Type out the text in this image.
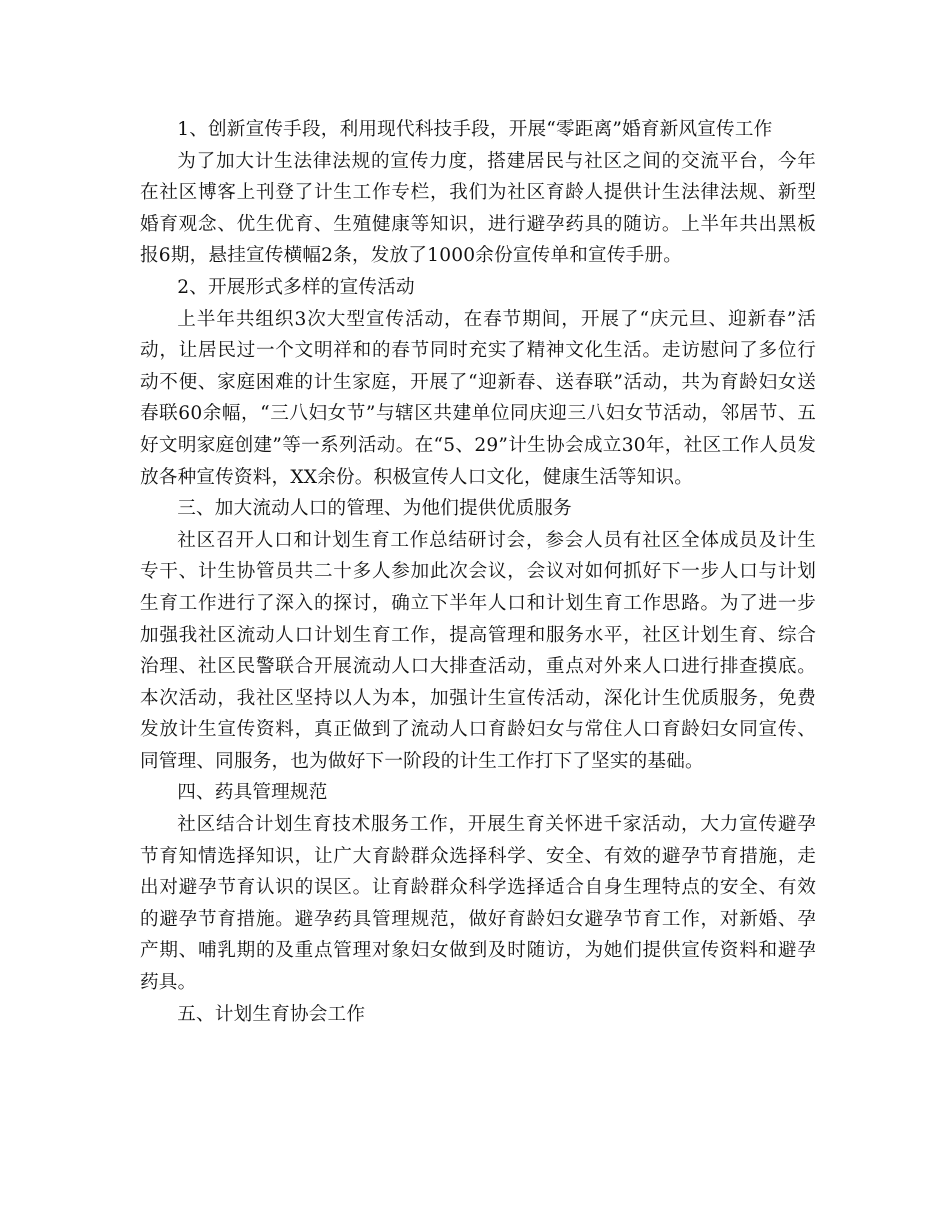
1、创新宣传手段，利用现代科技手段，开展“零距离”婚育新风宣传工作

为了加大计生法律法规的宣传力度，搭建居民与社区之间的交流平台，今年在社区博客上刊登了计生工作专栏，我们为社区育龄人提供计生法律法规、新型婚育观念、优生优育、生殖健康等知识，进行避孕药具的随访。上半年共出黑板报6期，悬挂宣传横幅2条，发放了1000余份宣传单和宣传手册。

2、开展形式多样的宣传活动

上半年共组织3次大型宣传活动，在春节期间，开展了“庆元旦、迎新春”活动，让居民过一个文明祥和的春节同时充实了精神文化生活。走访慰问了多位行动不便、家庭困难的计生家庭，开展了“迎新春、送春联”活动，共为育龄妇女送春联60余幅，“三八妇女节”与辖区共建单位同庆迎三八妇女节活动，邻居节、五好文明家庭创建”等一系列活动。在“5、29”计生协会成立30年，社区工作人员发放各种宣传资料，XX余份。积极宣传人口文化，健康生活等知识。

三、加大流动人口的管理、为他们提供优质服务

社区召开人口和计划生育工作总结研讨会，参会人员有社区全体成员及计生专干、计生协管员共二十多人参加此次会议，会议对如何抓好下一步人口与计划生育工作进行了深入的探讨，确立下半年人口和计划生育工作思路。为了进一步加强我社区流动人口计划生育工作，提高管理和服务水平，社区计划生育、综合治理、社区民警联合开展流动人口大排查活动，重点对外来人口进行排查摸底。本次活动，我社区坚持以人为本，加强计生宣传活动，深化计生优质服务，免费发放计生宣传资料，真正做到了流动人口育龄妇女与常住人口育龄妇女同宣传、同管理、同服务，也为做好下一阶段的计生工作打下了坚实的基础。

四、药具管理规范

社区结合计划生育技术服务工作，开展生育关怀进千家活动，大力宣传避孕节育知情选择知识，让广大育龄群众选择科学、安全、有效的避孕节育措施，走出对避孕节育认识的误区。让育龄群众科学选择适合自身生理特点的安全、有效的避孕节育措施。避孕药具管理规范，做好育龄妇女避孕节育工作，对新婚、孕产期、哺乳期的及重点管理对象妇女做到及时随访，为她们提供宣传资料和避孕药具。

五、计划生育协会工作
